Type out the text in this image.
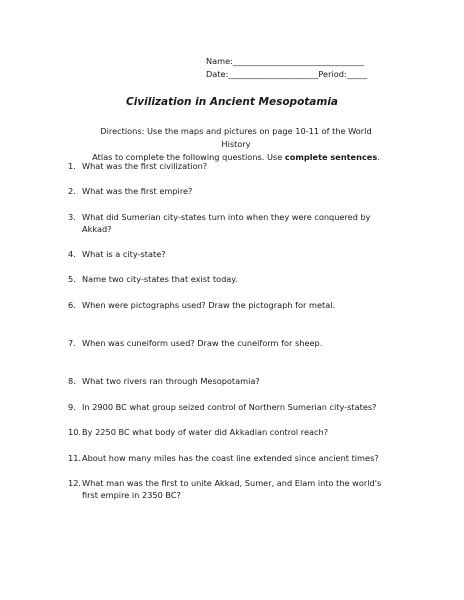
Name:________________________________
Date:______________________Period:_____
Civilization in Ancient Mesopotamia
Directions: Use the maps and pictures on page 10-11 of the World History
Atlas to complete the following questions. Use complete sentences.
1. What was the first civilization?
2. What was the first empire?
3. What did Sumerian city-states turn into when they were conquered by Akkad?
4. What is a city-state?
5. Name two city-states that exist today.
6. When were pictographs used? Draw the pictograph for metal.
7. When was cuneiform used? Draw the cuneiform for sheep.
8. What two rivers ran through Mesopotamia?
9. In 2900 BC what group seized control of Northern Sumerian city-states?
10. By 2250 BC what body of water did Akkadian control reach?
11. About how many miles has the coast line extended since ancient times?
12. What man was the first to unite Akkad, Sumer, and Elam into the world's first empire in 2350 BC?
